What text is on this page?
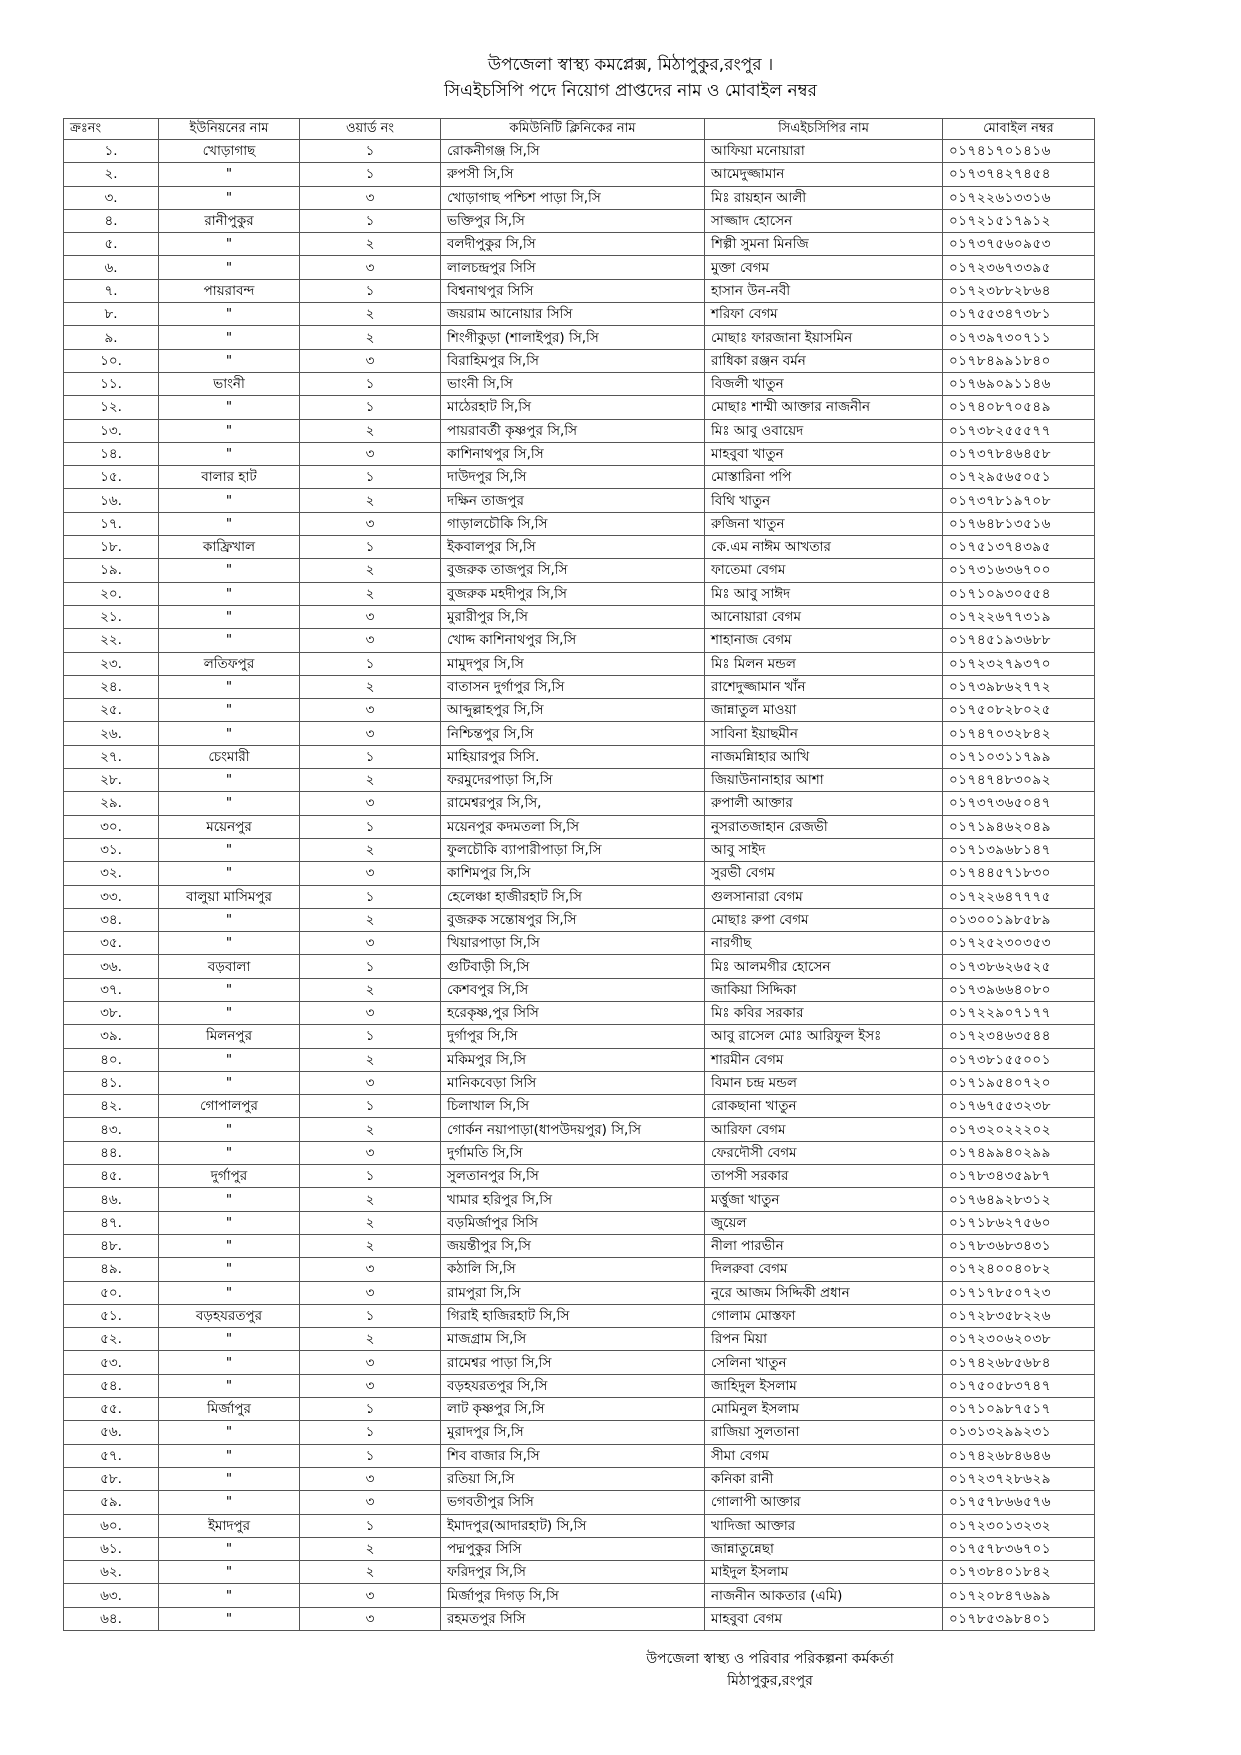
উপজেলা স্বাস্থ্য কমপ্লেক্স, মিঠাপুকুর,রংপুর ।
সিএইচসিপি পদে নিয়োগ প্রাপ্তদের নাম ও মোবাইল নম্বর
ক্রঃনং	ইউনিয়নের নাম	ওয়ার্ড নং	কমিউনিটি ক্লিনিকের নাম	সিএইচসিপির নাম	মোবাইল নম্বর
১.	খোড়াগাছ	১	রোকনীগঞ্জ সি,সি	আফিয়া মনোয়ারা	০১৭৪১৭০১৪১৬
২.	"	১	রুপসী সি,সি	আমেদুজ্জামান	০১৭৩৭৪২৭৪৫৪
৩.	"	৩	খোড়াগাছ পশ্চিশ পাড়া সি,সি	মিঃ রায়হান আলী	০১৭২২৬১৩৩১৬
৪.	রানীপুকুর	১	ভক্তিপুর সি,সি	সাজ্জাদ হোসেন	০১৭২১৫১৭৯১২
৫.	"	২	বলদীপুকুর সি,সি	শিল্পী সুমনা মিনজি	০১৭৩৭৫৬০৯৫৩
৬.	"	৩	লালচন্দ্রপুর সিসি	মুক্তা বেগম	০১৭২৩৬৭৩৩৯৫
৭.	পায়রাবন্দ	১	বিশ্বনাথপুর সিসি	হাসান উন-নবী	০১৭২৩৮৮২৮৬৪
৮.	"	২	জয়রাম আনোয়ার সিসি	শরিফা বেগম	০১৭৫৫৩৪৭৩৮১
৯.	"	২	শিংগীকুড়া (শালাইপুর) সি,সি	মোছাঃ ফারজানা ইয়াসমিন	০১৭৩৯৭৩০৭১১
১০.	"	৩	বিরাহিমপুর সি,সি	রাধিকা রঞ্জন বর্মন	০১৭৮৪৯৯১৮৪০
১১.	ভাংনী	১	ভাংনী সি,সি	বিজলী খাতুন	০১৭৬৯০৯১১৪৬
১২.	"	১	মাঠেরহাট সি,সি	মোছাঃ শাম্মী আক্তার নাজনীন	০১৭৪০৮৭০৫৪৯
১৩.	"	২	পায়রাবর্তী কৃষ্ণপুর সি,সি	মিঃ আবু ওবায়েদ	০১৭৩৮২৫৫৫৭৭
১৪.	"	৩	কাশিনাথপুর সি,সি	মাহবুবা খাতুন	০১৭৩৭৮৪৬৪৫৮
১৫.	বালার হাট	১	দাউদপুর সি,সি	মোস্তারিনা পপি	০১৭২৯৫৬৫০৫১
১৬.	"	২	দক্ষিন তাজপুর	বিথি খাতুন	০১৭৩৭৮১৯৭০৮
১৭.	"	৩	গাড়ালচৌকি সি,সি	রুজিনা খাতুন	০১৭৬৪৮১৩৫১৬
১৮.	কাফ্রিখাল	১	ইকবালপুর সি,সি	কে.এম নাঈম আখতার	০১৭৫১৩৭৪৩৯৫
১৯.	"	২	বুজরুক তাজপুর সি,সি	ফাতেমা বেগম	০১৭৩১৬৩৬৭০০
২০.	"	২	বুজরুক মহদীপুর সি,সি	মিঃ আবু সাঈদ	০১৭১০৯৩০৫৫৪
২১.	"	৩	মুরারীপুর সি,সি	আনোয়ারা বেগম	০১৭২২৬৭৭৩১৯
২২.	"	৩	খোদ্দ কাশিনাথপুর সি,সি	শাহানাজ বেগম	০১৭৪৫১৯৩৬৮৮
২৩.	লতিফপুর	১	মামুদপুর সি,সি	মিঃ মিলন মন্ডল	০১৭২৩২৭৯৩৭০
২৪.	"	২	বাতাসন দুর্গাপুর সি,সি	রাশেদুজ্জামান খাঁন	০১৭৩৯৮৬২৭৭২
২৫.	"	৩	আব্দুল্লাহপুর সি,সি	জান্নাতুল মাওয়া	০১৭৫০৮২৮০২৫
২৬.	"	৩	নিশ্চিন্তপুর সি,সি	সাবিনা ইয়াছমীন	০১৭৪৭০৩২৮৪২
২৭.	চেংমারী	১	মাহিয়ারপুর সিসি.	নাজমন্নিাহার আখি	০১৭১০৩১১৭৯৯
২৮.	"	২	ফরমুদেরপাড়া সি,সি	জিয়াউনানাহার আশা	০১৭৪৭৪৮৩০৯২
২৯.	"	৩	রামেশ্বরপুর সি,সি,	রুপালী আক্তার	০১৭৩৭৩৬৫০৪৭
৩০.	ময়েনপুর	১	ময়েনপুর কদমতলা সি,সি	নুসরাতজাহান রেজভী	০১৭১৯৪৬২০৪৯
৩১.	"	২	ফুলচৌকি ব্যাপারীপাড়া সি,সি	আবু সাইদ	০১৭১৩৯৬৮১৪৭
৩২.	"	৩	কাশিমপুর সি,সি	সুরভী বেগম	০১৭৪৪৫৭১৮৩০
৩৩.	বালুয়া মাসিমপুর	১	হেলেঞ্চা হাজীরহাট সি,সি	গুলসানারা বেগম	০১৭২২৬৪৭৭৭৫
৩৪.	"	২	বুজরুক সন্তোষপুর সি,সি	মোছাঃ রুপা বেগম	০১৩০০১৯৮৫৮৯
৩৫.	"	৩	খিয়ারপাড়া সি,সি	নারগীছ	০১৭২৫২৩০৩৫৩
৩৬.	বড়বালা	১	গুটিবাড়ী সি,সি	মিঃ আলমগীর হোসেন	০১৭৩৮৬২৬৫২৫
৩৭.	"	২	কেশবপুর সি,সি	জাকিয়া সিদ্দিকা	০১৭৩৯৬৬৪০৮০
৩৮.	"	৩	হরেকৃষ্ণ,পুর সিসি	মিঃ কবির সরকার	০১৭২২৯০৭১৭৭
৩৯.	মিলনপুর	১	দুর্গাপুর সি,সি	আবু রাসেল মোঃ আরিফুল ইসঃ	০১৭২৩৪৬৩৫৪৪
৪০.	"	২	মকিমপুর সি,সি	শারমীন বেগম	০১৭৩৮১৫৫০০১
৪১.	"	৩	মানিকবেড়া সিসি	বিমান চন্দ্র মন্ডল	০১৭১৯৫৪০৭২০
৪২.	গোপালপুর	১	চিলাখাল সি,সি	রোকছানা খাতুন	০১৭৬৭৫৫৩২৩৮
৪৩.	"	২	গোর্কন নয়াপাড়া(ধাপউদয়পুর) সি,সি	আরিফা বেগম	০১৭৩২০২২২০২
৪৪.	"	৩	দুর্গামতি সি,সি	ফেরদৌসী বেগম	০১৭৪৯৯৪০২৯৯
৪৫.	দুর্গাপুর	১	সুলতানপুর সি,সি	তাপসী সরকার	০১৭৮৩৪৩৫৯৮৭
৪৬.	"	২	খামার হরিপুর সি,সি	মর্ত্তুজা খাতুন	০১৭৬৪৯২৮৩১২
৪৭.	"	২	বড়মির্জাপুর সিসি	জুয়েল	০১৭১৮৬২৭৫৬০
৪৮.	"	২	জয়ন্তীপুর সি,সি	নীলা পারভীন	০১৭৮৩৬৮৩৪৩১
৪৯.	"	৩	কঠালি সি,সি	দিলরুবা বেগম	০১৭২৪০০৪০৮২
৫০.	"	৩	রামপুরা সি,সি	নুরে আজম সিদ্দিকী প্রধান	০১৭১৭৮৫০৭২৩
৫১.	বড়হযরতপুর	১	গিরাই হাজিরহাট সি,সি	গোলাম মোস্তফা	০১৭২৮৩৫৮২২৬
৫২.	"	২	মাজগ্রাম সি,সি	রিপন মিয়া	০১৭২৩০৬২০৩৮
৫৩.	"	৩	রামেশ্বর পাড়া সি,সি	সেলিনা খাতুন	০১৭৪২৬৮৫৬৮৪
৫৪.	"	৩	বড়হযরতপুর সি,সি	জাহিদুল ইসলাম	০১৭৫০৫৮৩৭৪৭
৫৫.	মির্জাপুর	১	লাট কৃষ্ণপুর সি,সি	মোমিনুল ইসলাম	০১৭১০৯৮৭৫১৭
৫৬.	"	১	মুরাদপুর সি,সি	রাজিয়া সুলতানা	০১৩১৩২৯৯২৩১
৫৭.	"	১	শিব বাজার সি,সি	সীমা বেগম	০১৭৪২৬৮৪৬৪৬
৫৮.	"	৩	রতিয়া সি,সি	কনিকা রানী	০১৭২৩৭২৮৬২৯
৫৯.	"	৩	ভগবতীপুর সিসি	গোলাপী আক্তার	০১৭৫৭৮৬৬৫৭৬
৬০.	ইমাদপুর	১	ইমাদপুর(আদারহাট) সি,সি	খাদিজা আক্তার	০১৭২৩০১৩২৩২
৬১.	"	২	পদ্মপুকুর সিসি	জান্নাতুন্নেছা	০১৭৫৭৮৩৬৭০১
৬২.	"	২	ফরিদপুর সি,সি	মাইদুল ইসলাম	০১৭৩৮৪০১৮৪২
৬৩.	"	৩	মির্জাপুর দিগড় সি,সি	নাজনীন আকতার (এমি)	০১৭২০৮৪৭৬৯৯
৬৪.	"	৩	রহমতপুর সিসি	মাহবুবা বেগম	০১৭৮৫৩৯৮৪০১
উপজেলা স্বাস্থ্য ও পরিবার পরিকল্পনা কর্মকর্তা
মিঠাপুকুর,রংপুর
